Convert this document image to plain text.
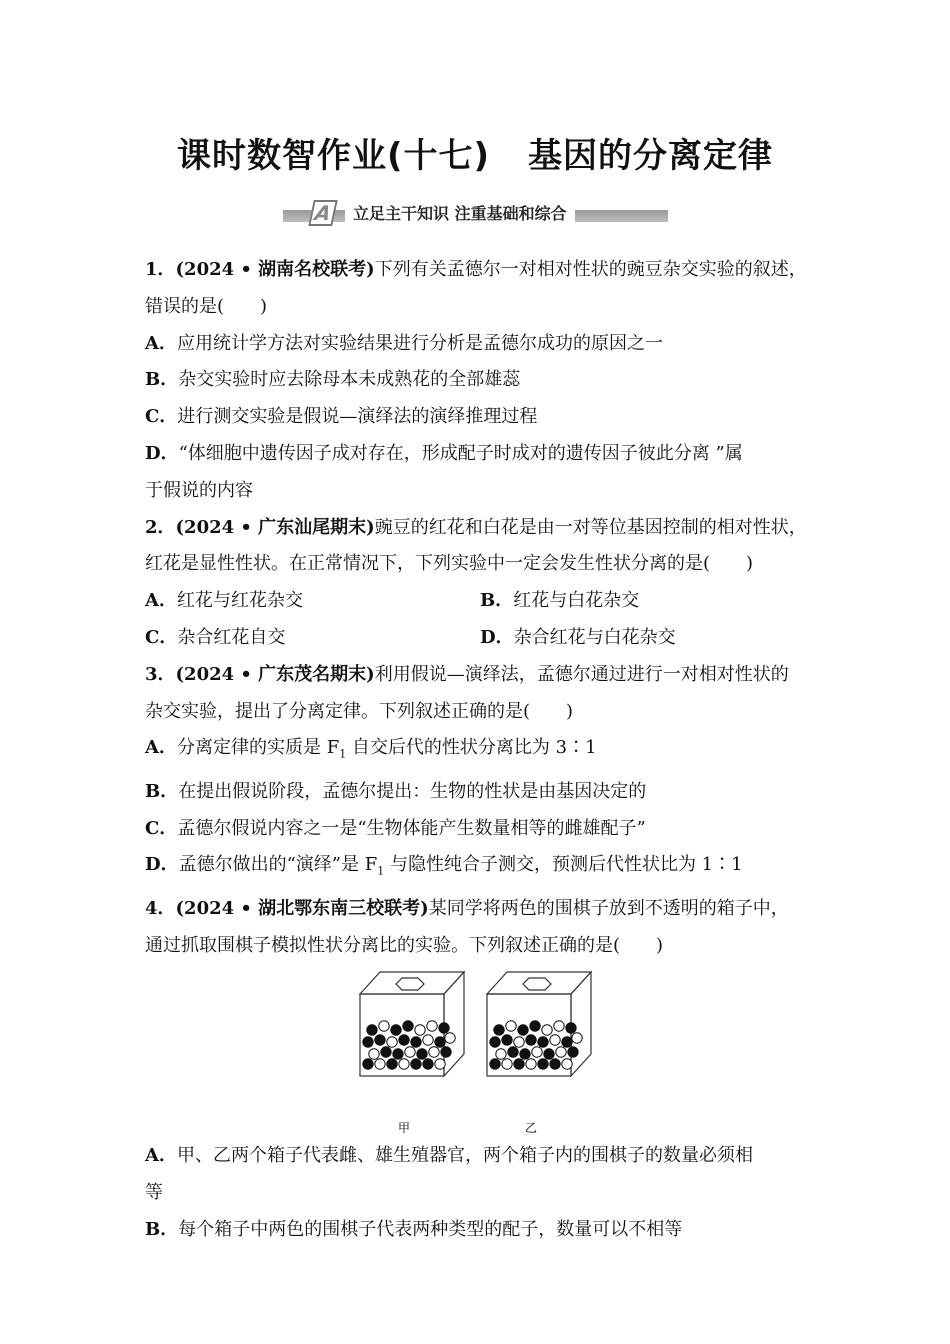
课时数智作业(十七) 基因的分离定律
A	立足主干知识 注重基础和综合

1．(2024 • 湖南名校联考)下列有关孟德尔一对相对性状的豌豆杂交实验的叙述，

错误的是(　　)

A．应用统计学方法对实验结果进行分析是孟德尔成功的原因之一

B．杂交实验时应去除母本未成熟花的全部雄蕊

C．进行测交实验是假说—演绎法的演绎推理过程

D．“体细胞中遗传因子成对存在，形成配子时成对的遗传因子彼此分离 ”属

于假说的内容

2．(2024 • 广东汕尾期末)豌豆的红花和白花是由一对等位基因控制的相对性状，

红花是显性性状。在正常情况下，下列实验中一定会发生性状分离的是(　　)

A．红花与红花杂交	B．红花与白花杂交

C．杂合红花自交	D．杂合红花与白花杂交

3．(2024 • 广东茂名期末)利用假说—演绎法，孟德尔通过进行一对相对性状的

杂交实验，提出了分离定律。下列叙述正确的是(　　)

A．分离定律的实质是 $F_1$ 自交后代的性状分离比为 3∶1

B．在提出假说阶段，孟德尔提出：生物的性状是由基因决定的

C．孟德尔假说内容之一是“生物体能产生数量相等的雌雄配子”

D．孟德尔做出的“演绎”是 $F_1$ 与隐性纯合子测交，预测后代性状比为 1∶1

4．(2024 • 湖北鄂东南三校联考)某同学将两色的围棋子放到不透明的箱子中，

通过抓取围棋子模拟性状分离比的实验。下列叙述正确的是(　　)

甲	乙

A．甲、乙两个箱子代表雌、雄生殖器官，两个箱子内的围棋子的数量必须相

等

B．每个箱子中两色的围棋子代表两种类型的配子，数量可以不相等
